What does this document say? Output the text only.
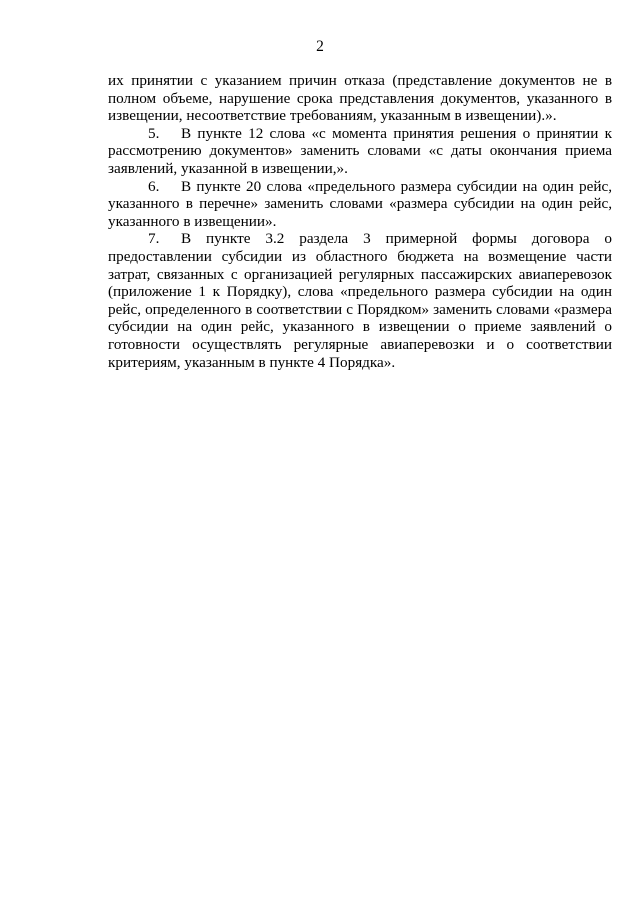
2

их принятии с указанием причин отказа (представление документов не в полном объеме, нарушение срока представления документов, указанного в извещении, несоответствие требованиям, указанным в извещении).».

5. В пункте 12 слова «с момента принятия решения о принятии к рассмотрению документов» заменить словами «с даты окончания приема заявлений, указанной в извещении,».

6. В пункте 20 слова «предельного размера субсидии на один рейс, указанного в перечне» заменить словами «размера субсидии на один рейс, указанного в извещении».

7. В пункте 3.2 раздела 3 примерной формы договора о предоставлении субсидии из областного бюджета на возмещение части затрат, связанных с организацией регулярных пассажирских авиаперевозок (приложение 1 к Порядку), слова «предельного размера субсидии на один рейс, определенного в соответствии с Порядком» заменить словами «размера субсидии на один рейс, указанного в извещении о приеме заявлений о готовности осуществлять регулярные авиаперевозки и о соответствии критериям, указанным в пункте 4 Порядка».
